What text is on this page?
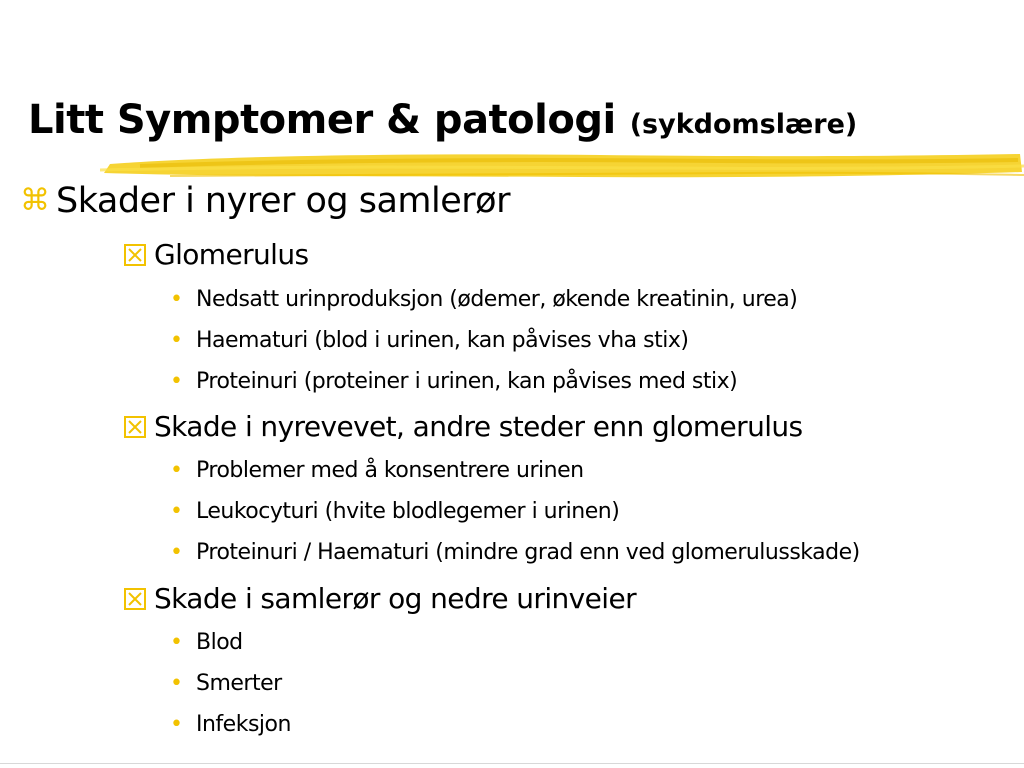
Litt Symptomer & patologi (sykdomslære)
⌘ Skader i nyrer og samlerør
Glomerulus
• Nedsatt urinproduksjon (ødemer, økende kreatinin, urea)
• Haematuri (blod i urinen, kan påvises vha stix)
• Proteinuri (proteiner i urinen, kan påvises med stix)
Skade i nyrevevet, andre steder enn glomerulus
• Problemer med å konsentrere urinen
• Leukocyturi (hvite blodlegemer i urinen)
• Proteinuri / Haematuri (mindre grad enn ved glomerulusskade)
Skade i samlerør og nedre urinveier
• Blod
• Smerter
• Infeksjon
